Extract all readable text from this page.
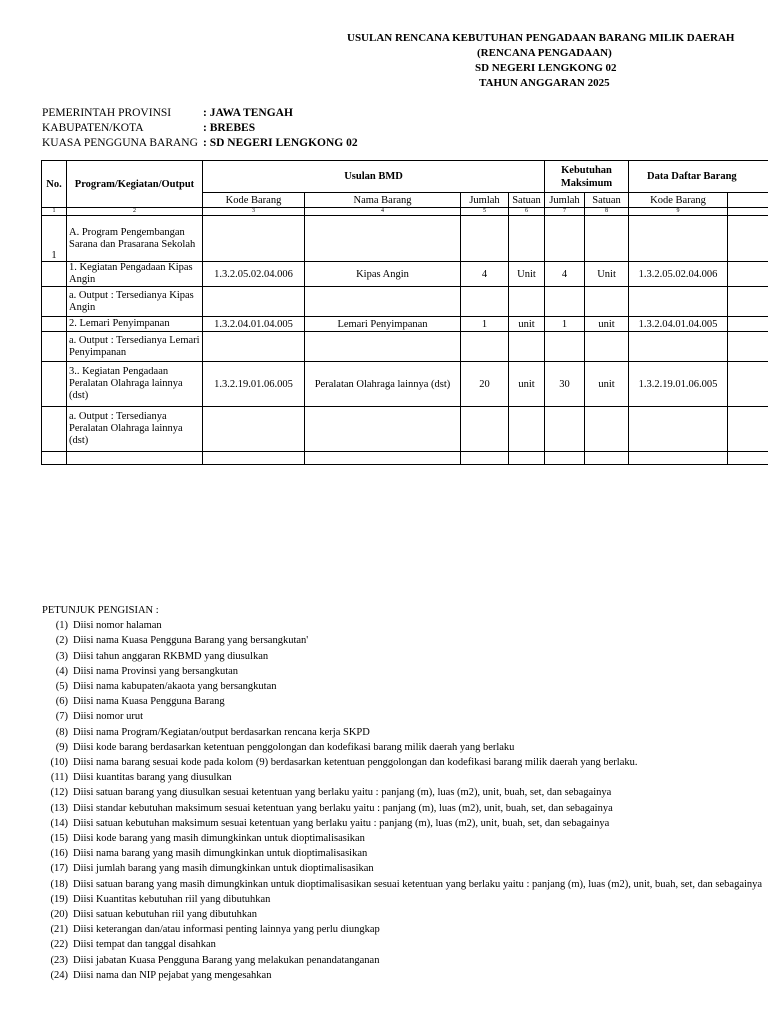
USULAN RENCANA KEBUTUHAN PENGADAAN BARANG MILIK DAERAH
(RENCANA PENGADAAN)
SD NEGERI LENGKONG 02
TAHUN ANGGARAN 2025
PEMERINTAH PROVINSI	: JAWA TENGAH
KABUPATEN/KOTA	: BREBES
KUASA PENGGUNA BARANG : SD NEGERI LENGKONG 02
No.	Program/Kegiatan/Output	Usulan BMD				Kebutuhan Maksimum		Data Daftar Barang	
		Kode Barang	Nama Barang	Jumlah	Satuan	Jumlah	Satuan	Kode Barang	
1	2	3	4	5	6	7	8	9	
1	A. Program Pengembangan Sarana dan Prasarana Sekolah								
	1. Kegiatan Pengadaan Kipas Angin	1.3.2.05.02.04.006	Kipas Angin	4	Unit	4	Unit	1.3.2.05.02.04.006	
	a. Output : Tersedianya Kipas Angin								
	2. Lemari Penyimpanan	1.3.2.04.01.04.005	Lemari Penyimpanan	1	unit	1	unit	1.3.2.04.01.04.005	
	a. Output : Tersedianya Lemari Penyimpanan								
	3.. Kegiatan Pengadaan Peralatan Olahraga lainnya (dst)	1.3.2.19.01.06.005	Peralatan Olahraga lainnya (dst)	20	unit	30	unit	1.3.2.19.01.06.005	
	a. Output : Tersedianya Peralatan Olahraga lainnya (dst)								

PETUNJUK PENGISIAN :
(1) Diisi nomor halaman
(2) Diisi nama Kuasa Pengguna Barang yang bersangkutan'
(3) Diisi tahun anggaran RKBMD yang diusulkan
(4) Diisi nama Provinsi yang bersangkutan
(5) Diisi nama kabupaten/akaota yang bersangkutan
(6) Diisi nama Kuasa Pengguna Barang
(7) Diisi nomor urut
(8) Diisi nama Program/Kegiatan/output berdasarkan rencana kerja SKPD
(9) Diisi kode barang berdasarkan ketentuan penggolongan dan kodefikasi barang milik daerah yang berlaku
(10) Diisi nama barang sesuai kode pada kolom (9) berdasarkan ketentuan penggolongan dan kodefikasi barang milik daerah yang berlaku.
(11) Diisi kuantitas barang yang diusulkan
(12) Diisi satuan barang yang diusulkan sesuai ketentuan yang berlaku yaitu : panjang (m), luas (m2), unit, buah, set, dan sebagainya
(13) Diisi standar kebutuhan maksimum sesuai ketentuan yang berlaku yaitu : panjang (m), luas (m2), unit, buah, set, dan sebagainya
(14) Diisi satuan kebutuhan maksimum sesuai ketentuan yang berlaku yaitu : panjang (m), luas (m2), unit, buah, set, dan sebagainya
(15) Diisi kode barang yang masih dimungkinkan untuk dioptimalisasikan
(16) Diisi nama barang yang masih dimungkinkan untuk dioptimalisasikan
(17) Diisi jumlah barang yang masih dimungkinkan untuk dioptimalisasikan
(18) Diisi satuan barang yang masih dimungkinkan untuk dioptimalisasikan sesuai ketentuan yang berlaku yaitu : panjang (m), luas (m2), unit, buah, set, dan sebagainya
(19) Diisi Kuantitas kebutuhan riil yang dibutuhkan
(20) Diisi satuan kebutuhan riil yang dibutuhkan
(21) Diisi keterangan dan/atau informasi penting lainnya yang perlu diungkap
(22) Diisi tempat dan tanggal disahkan
(23) Diisi jabatan Kuasa Pengguna Barang yang melakukan penandatanganan
(24) Diisi nama dan NIP pejabat yang mengesahkan
